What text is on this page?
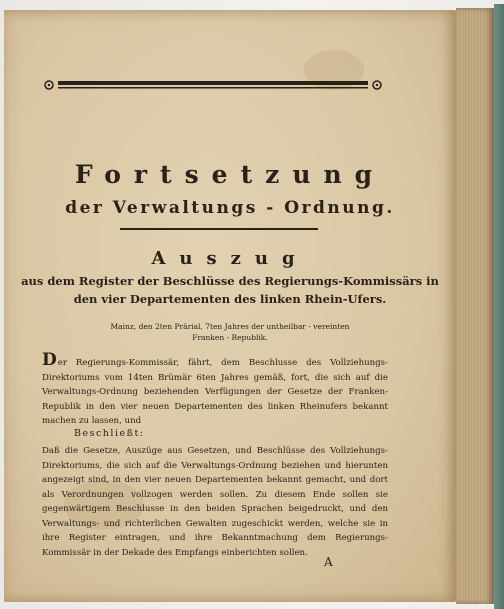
Fortsetzung
der Verwaltungs - Ordnung.
Auszug
aus dem Register der Beschlüsse des Regierungs-Kommissärs in
den vier Departementen des linken Rhein-Ufers.
Mainz, den 2ten Prärial, 7ten Jahres der untheilbar - vereinten
Franken - Republik.

Der Regierungs-Kommissär, fährt, dem Beschlusse des Vollziehungs-Direktoriums vom 14ten Brümär 6ten Jahres gemäß, fort, die sich auf die Verwaltungs-Ordnung beziehenden Verfügungen der Gesetze der Franken-Republik in den vier neuen Departementen des linken Rheinufers bekannt machen zu lassen, und

Beschließt:

Daß die Gesetze, Auszüge aus Gesetzen, und Beschlüsse des Vollziehungs-Direktoriums, die sich auf die Verwaltungs-Ordnung beziehen und hierunten angezeigt sind, in den vier neuen Departementen bekannt gemacht, und dort als Verordnungen vollzogen werden sollen. Zu diesem Ende sollen sie gegenwärtigem Beschlusse in den beiden Sprachen beigedruckt, und den Verwaltungs- und richterlichen Gewalten zugeschickt werden, welche sie in ihre Register eintragen, und ihre Bekanntmachung dem Regierungs-Kommissär in der Dekade des Empfangs einberichten sollen.

A
